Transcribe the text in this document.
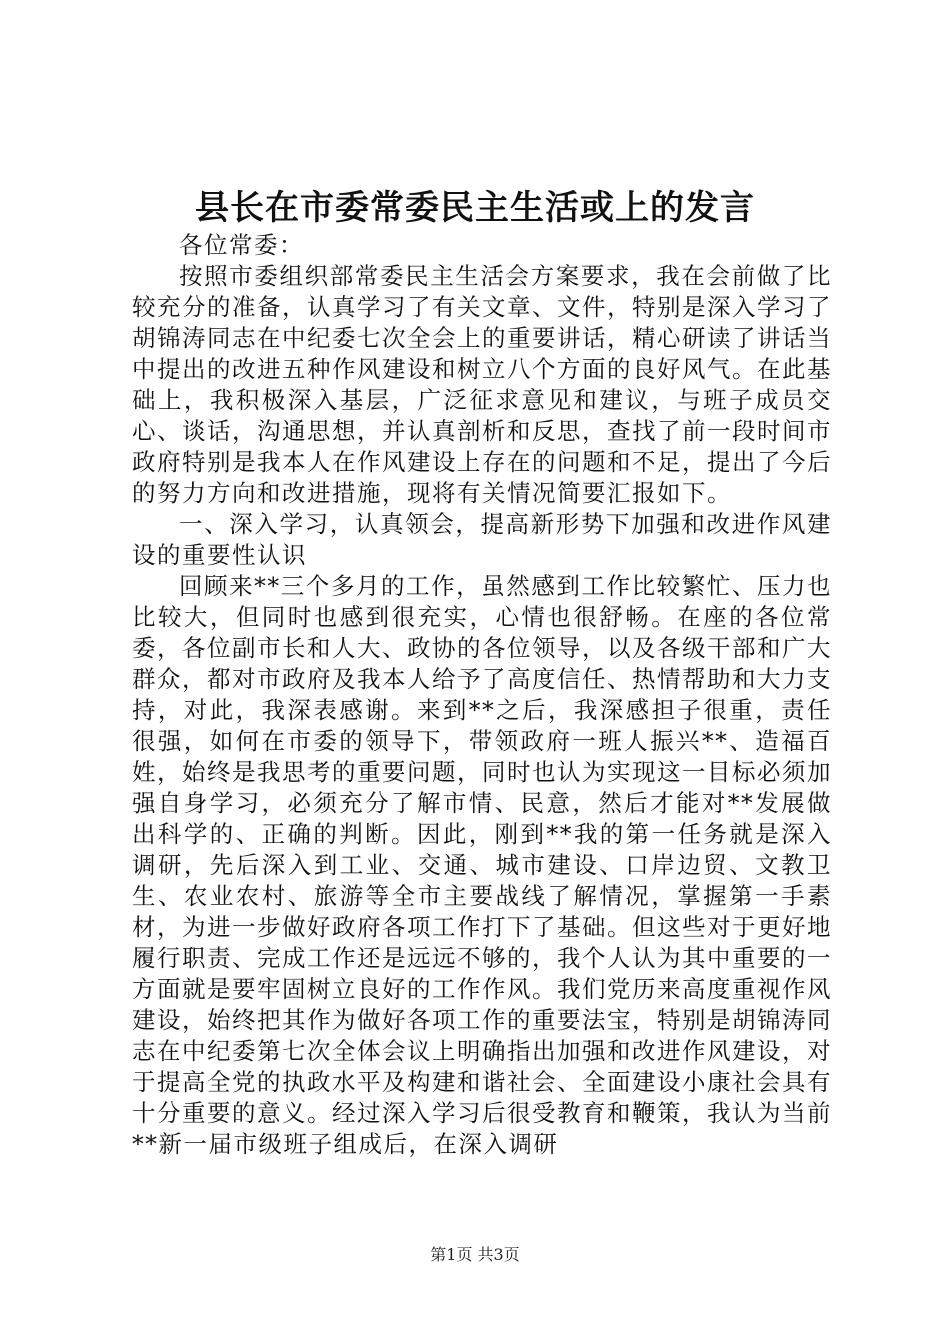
县长在市委常委民主生活或上的发言

各位常委：

按照市委组织部常委民主生活会方案要求，我在会前做了比较充分的准备，认真学习了有关文章、文件，特别是深入学习了胡锦涛同志在中纪委七次全会上的重要讲话，精心研读了讲话当中提出的改进五种作风建设和树立八个方面的良好风气。在此基础上，我积极深入基层，广泛征求意见和建议，与班子成员交心、谈话，沟通思想，并认真剖析和反思，查找了前一段时间市政府特别是我本人在作风建设上存在的问题和不足，提出了今后的努力方向和改进措施，现将有关情况简要汇报如下。

一、深入学习，认真领会，提高新形势下加强和改进作风建设的重要性认识

回顾来**三个多月的工作，虽然感到工作比较繁忙、压力也比较大，但同时也感到很充实，心情也很舒畅。在座的各位常委，各位副市长和人大、政协的各位领导，以及各级干部和广大群众，都对市政府及我本人给予了高度信任、热情帮助和大力支持，对此，我深表感谢。来到**之后，我深感担子很重，责任很强，如何在市委的领导下，带领政府一班人振兴**、造福百姓，始终是我思考的重要问题，同时也认为实现这一目标必须加强自身学习，必须充分了解市情、民意，然后才能对**发展做出科学的、正确的判断。因此，刚到**我的第一任务就是深入调研，先后深入到工业、交通、城市建设、口岸边贸、文教卫生、农业农村、旅游等全市主要战线了解情况，掌握第一手素材，为进一步做好政府各项工作打下了基础。但这些对于更好地履行职责、完成工作还是远远不够的，我个人认为其中重要的一方面就是要牢固树立良好的工作作风。我们党历来高度重视作风建设，始终把其作为做好各项工作的重要法宝，特别是胡锦涛同志在中纪委第七次全体会议上明确指出加强和改进作风建设，对于提高全党的执政水平及构建和谐社会、全面建设小康社会具有十分重要的意义。经过深入学习后很受教育和鞭策，我认为当前**新一届市级班子组成后，在深入调研

第1页 共3页
